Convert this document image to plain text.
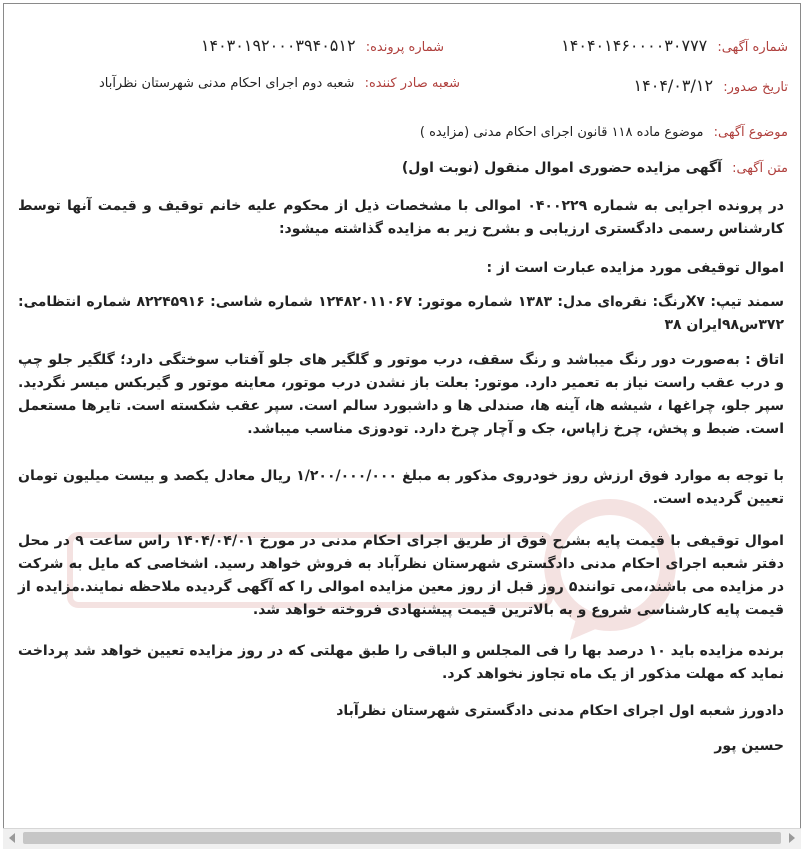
شماره آگهی: ۱۴۰۴۰۱۴۶۰۰۰۰۳۰۷۷۷
شماره پرونده: ۱۴۰۳۰۱۹۲۰۰۰۳۹۴۰۵۱۲
تاریخ صدور: ۱۴۰۴/۰۳/۱۲
شعبه صادر کننده: شعبه دوم اجرای احکام مدنی شهرستان نظرآباد
موضوع آگهی: موضوع ماده ۱۱۸ قانون اجرای احکام مدنی (مزایده )
متن آگهی: آگهی مزایده حضوری اموال منقول (نوبت اول)
در پرونده اجرایی به شماره ۰۴۰۰۲۲۹ اموالی با مشخصات ذیل از محکوم علیه خانم توقیف و قیمت آنها توسط کارشناس رسمی دادگستری ارزیابی و بشرح زیر به مزایده گذاشته میشود:
اموال توقیفی مورد مزایده عبارت است از :
سمند تیپ: X۷رنگ: نقره‌ای مدل: ۱۳۸۳ شماره موتور: ۱۲۴۸۲۰۱۱۰۶۷ شماره شاسی: ۸۲۲۴۵۹۱۶ شماره انتظامی: ۳۷۲س۹۸ایران ۳۸
اتاق : به‌صورت دور رنگ میباشد و رنگ سقف، درب موتور و گلگیر های جلو آفتاب سوختگی دارد؛ گلگیر جلو چپ و درب عقب راست نیاز به تعمیر دارد. موتور: بعلت باز نشدن درب موتور، معاینه موتور و گیربکس میسر نگردید. سپر جلو، چراغها ، شیشه ها، آینه ها، صندلی ها و داشبورد سالم است. سپر عقب شکسته است. تایرها مستعمل است. ضبط و پخش، چرخ زاپاس، جک و آچار چرخ دارد. تودوزی مناسب میباشد.
با توجه به موارد فوق ارزش روز خودروی مذکور به مبلغ ۱/۲۰۰/۰۰۰/۰۰۰ ریال معادل یکصد و بیست میلیون تومان تعیین گردیده است.
اموال توقیفی با قیمت پایه بشرح فوق از طریق اجرای احکام مدنی در مورخ ۱۴۰۴/۰۴/۰۱ راس ساعت ۹ در محل دفتر شعبه اجرای احکام مدنی دادگستری شهرستان نظرآباد به فروش خواهد رسید. اشخاصی که مایل به شرکت در مزایده می باشند،می توانند۵ روز قبل از روز معین مزایده اموالی را که آگهی گردیده ملاحظه نمایند.مزایده از قیمت پایه کارشناسی شروع و به بالاترین قیمت پیشنهادی فروخته خواهد شد.
برنده مزایده باید ۱۰ درصد بها را فی المجلس و الباقی را طبق مهلتی که در روز مزایده تعیین خواهد شد پرداخت نماید که مهلت مذکور از یک ماه تجاوز نخواهد کرد.
دادورز شعبه اول اجرای احکام مدنی دادگستری شهرستان نظرآباد
حسین پور
